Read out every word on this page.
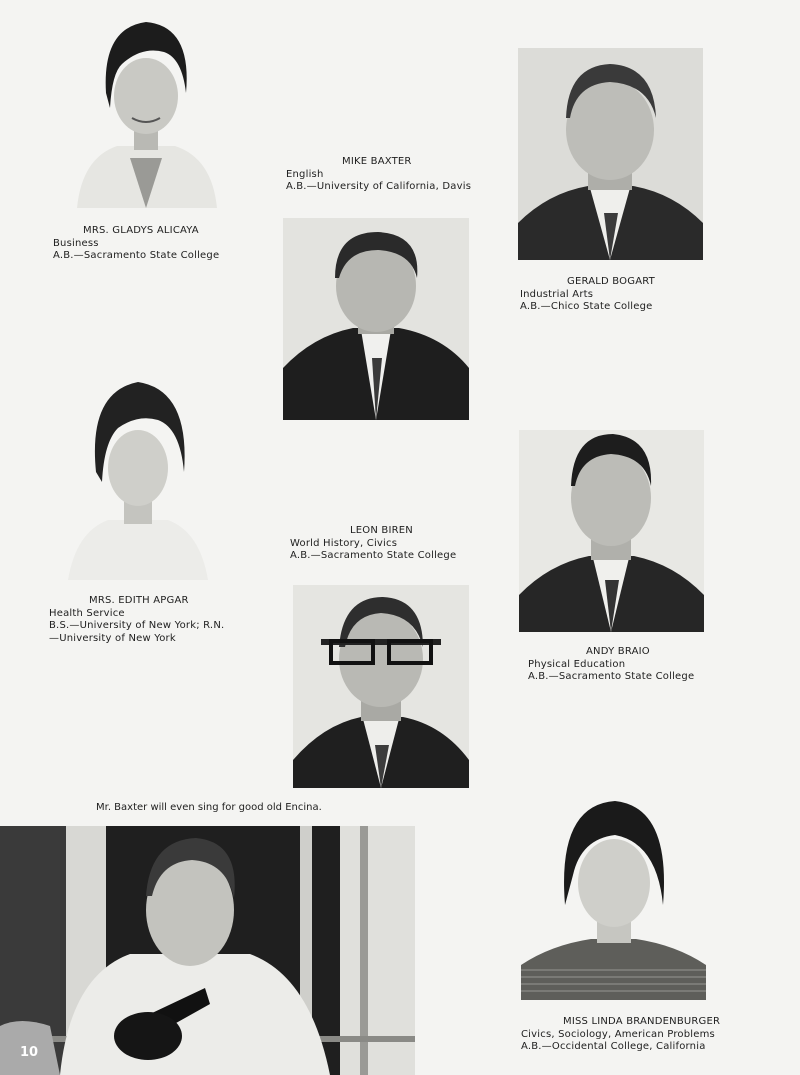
MRS. GLADYS ALICAYA
Business
A.B.—Sacramento State College
MIKE BAXTER
English
A.B.—University of California, Davis
GERALD BOGART
Industrial Arts
A.B.—Chico State College
MRS. EDITH APGAR
Health Service
B.S.—University of New York; R.N.
—University of New York
LEON BIREN
World History, Civics
A.B.—Sacramento State College
ANDY BRAIO
Physical Education
A.B.—Sacramento State College
MISS LINDA BRANDENBURGER
Civics, Sociology, American Problems
A.B.—Occidental College, California
Mr. Baxter will even sing for good old Encina.
10
